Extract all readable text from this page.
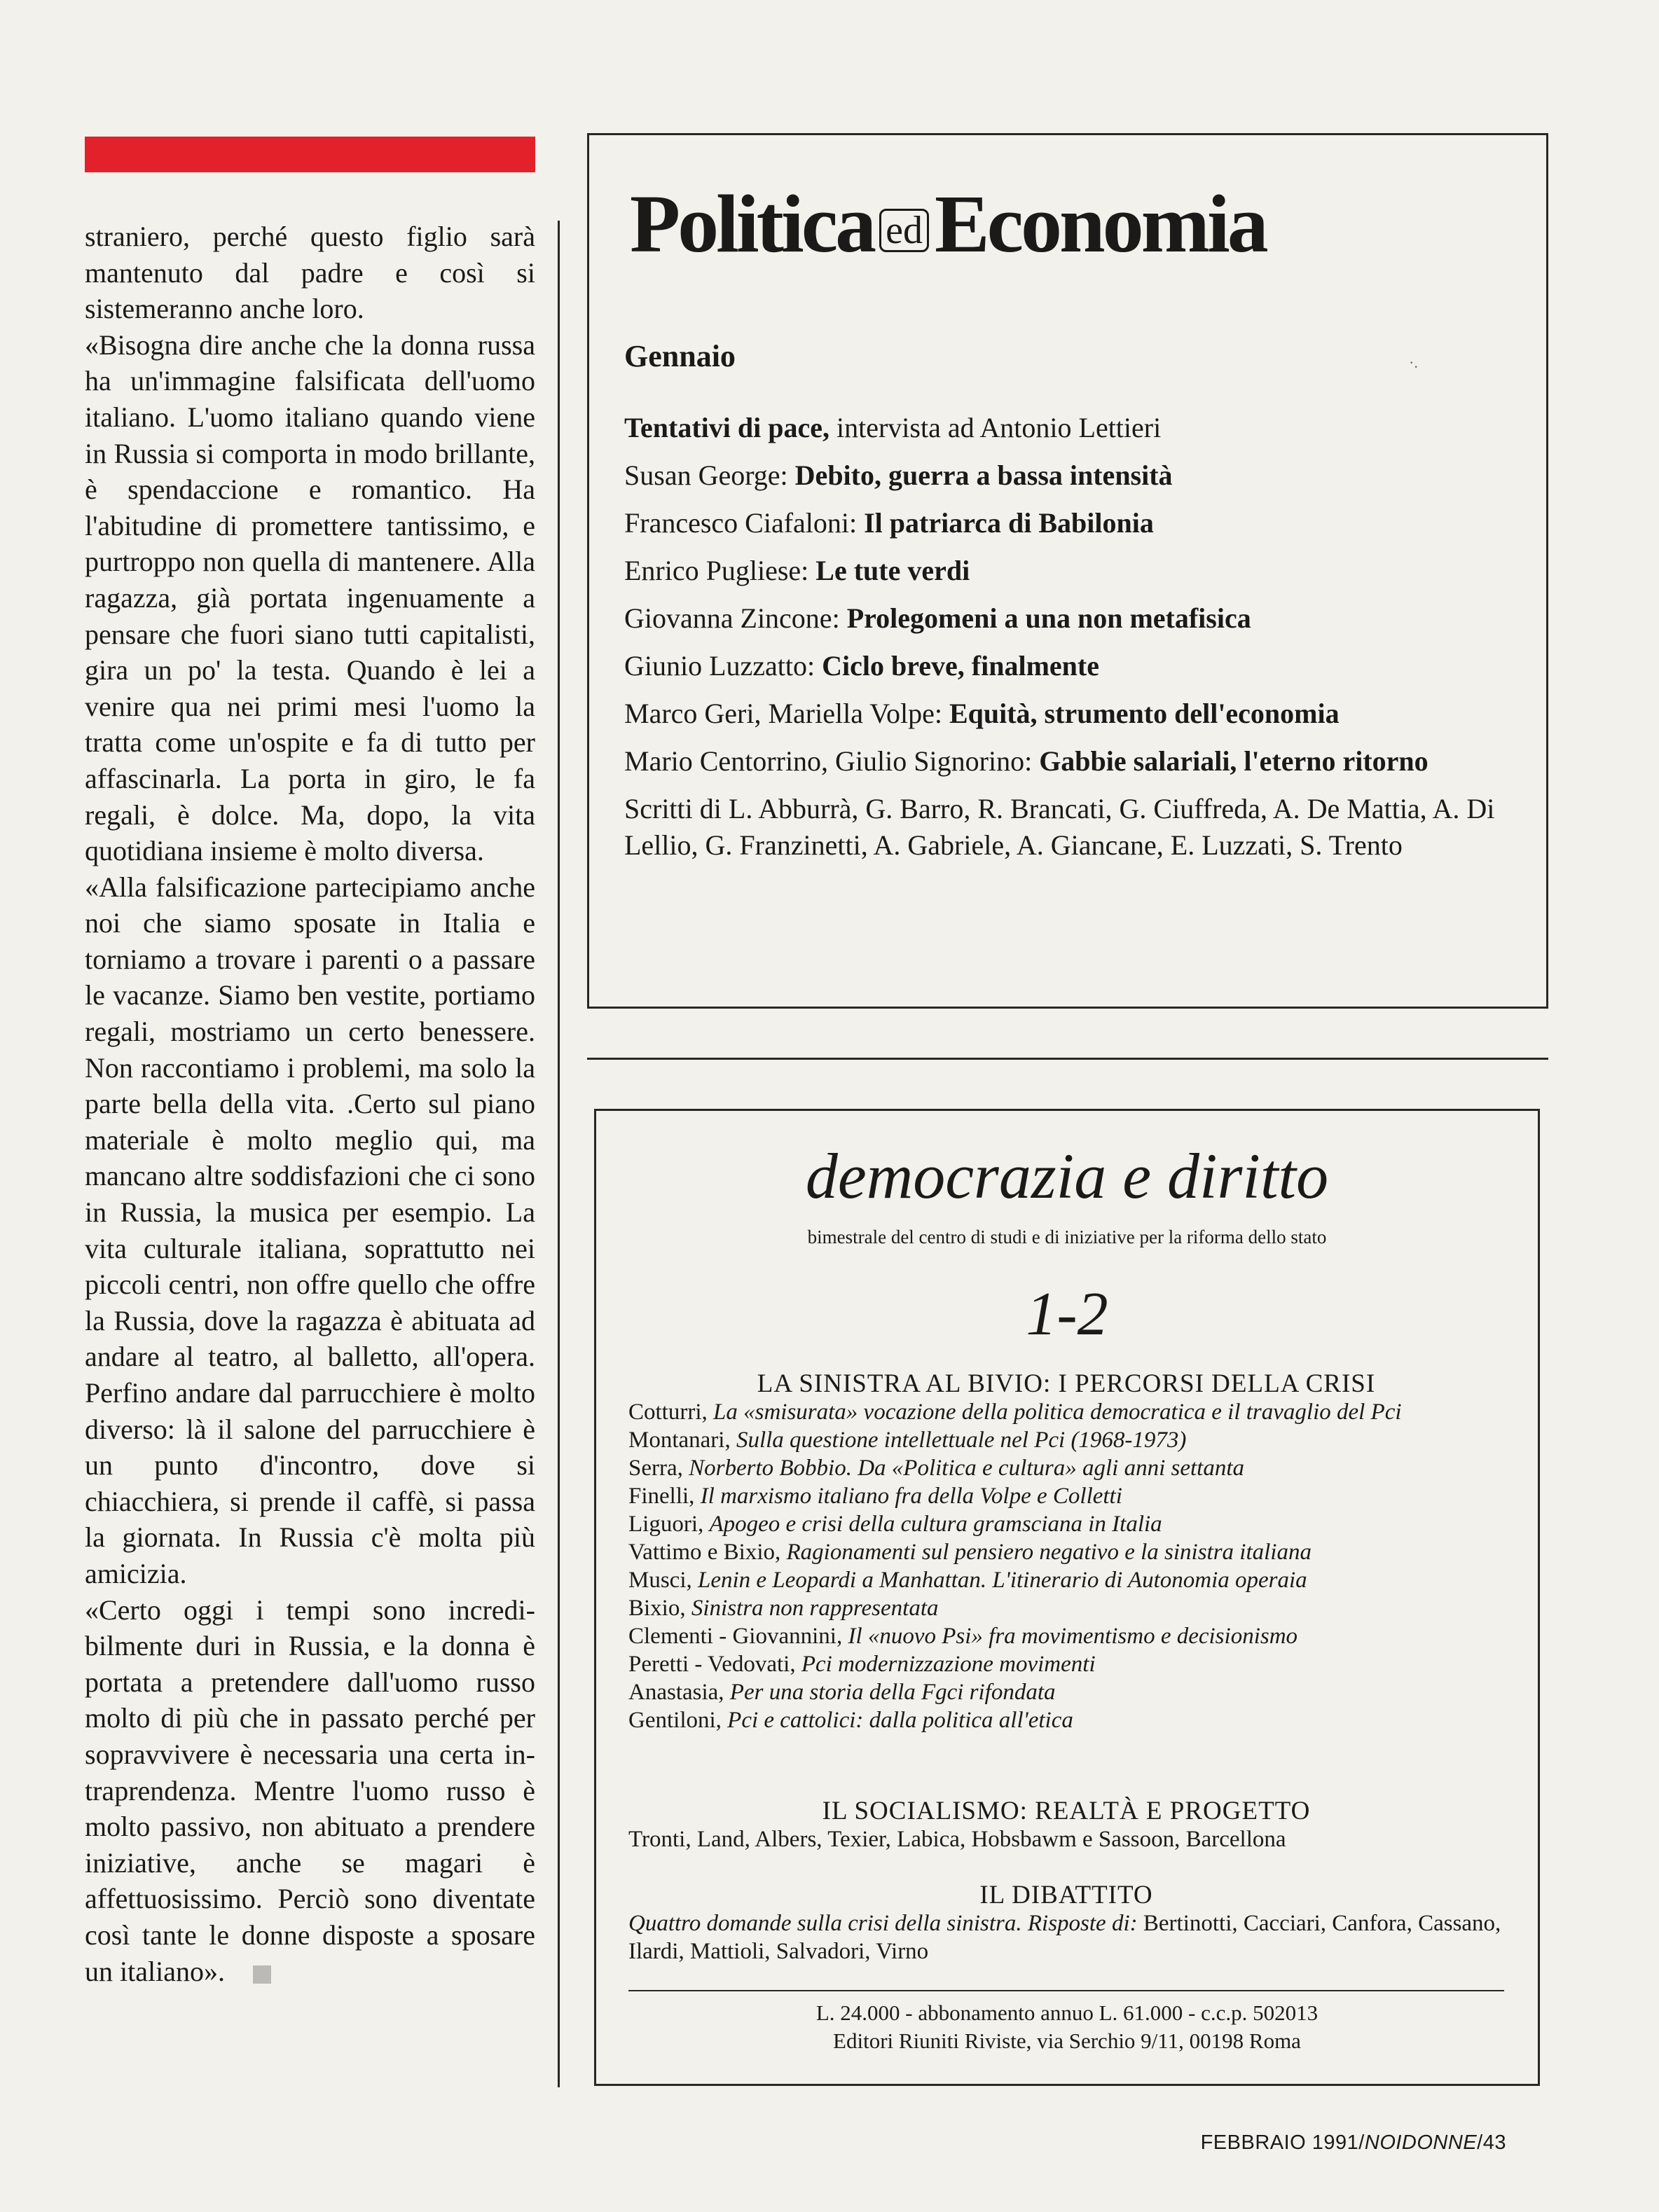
straniero, perché questo figlio sarà mantenuto dal padre e così si sistemeranno anche loro.

«Bisogna dire anche che la donna russa ha un'immagine falsificata dell'uomo italiano. L'uomo italiano quando viene in Russia si comporta in modo brillante, è spendaccione e romantico. Ha l'abitudine di promettere tantissimo, e purtroppo non quella di mantenere. Alla ragazza, già portata ingenuamente a pensare che fuori siano tutti capitalisti, gira un po' la testa. Quando è lei a venire qua nei primi mesi l'uomo la tratta come un'ospite e fa di tutto per affascinarla. La porta in giro, le fa regali, è dolce. Ma, dopo, la vita quotidiana insieme è molto diversa.

«Alla falsificazione partecipiamo anche noi che siamo sposate in Italia e torniamo a trovare i parenti o a passare le vacanze. Siamo ben vestite, portiamo regali, mostriamo un certo benessere. Non raccontiamo i problemi, ma solo la parte bella della vita. .Certo sul piano materiale è molto meglio qui, ma mancano altre soddisfazioni che ci sono in Russia, la musica per esempio. La vita culturale italiana, soprattutto nei piccoli centri, non offre quello che offre la Russia, dove la ragazza è abituata ad andare al teatro, al balletto, all'opera. Perfino andare dal parrucchiere è molto diverso: là il salone del parrucchiere è un punto d'incontro, dove si chiacchiera, si prende il caffè, si passa la giornata. In Russia c'è molta più amicizia.

«Certo oggi i tempi sono incredibilmente duri in Russia, e la donna è portata a pretendere dall'uomo russo molto di più che in passato perché per sopravvivere è necessaria una certa intraprendenza. Mentre l'uomo russo è molto passivo, non abituato a prendere iniziative, anche se magari è affettuosissimo. Perciò sono diventate così tante le donne disposte a sposare un italiano».

Politica ed Economia
Gennaio	·.
Tentativi di pace, intervista ad Antonio Lettieri
Susan George: Debito, guerra a bassa intensità
Francesco Ciafaloni: Il patriarca di Babilonia
Enrico Pugliese: Le tute verdi
Giovanna Zincone: Prolegomeni a una non metafisica
Giunio Luzzatto: Ciclo breve, finalmente
Marco Geri, Mariella Volpe: Equità, strumento dell'economia
Mario Centorrino, Giulio Signorino: Gabbie salariali, l'eterno ritorno
Scritti di L. Abburrà, G. Barro, R. Brancati, G. Ciuffreda, A. De Mattia, A. Di Lellio, G. Franzinetti, A. Gabriele, A. Giancane, E. Luzzati, S. Trento
democrazia e diritto
bimestrale del centro di studi e di iniziative per la riforma dello stato
1-2
LA SINISTRA AL BIVIO: I PERCORSI DELLA CRISI
Cotturri, La «smisurata» vocazione della politica democratica e il travaglio del Pci
Montanari, Sulla questione intellettuale nel Pci (1968-1973)
Serra, Norberto Bobbio. Da «Politica e cultura» agli anni settanta
Finelli, Il marxismo italiano fra della Volpe e Colletti
Liguori, Apogeo e crisi della cultura gramsciana in Italia
Vattimo e Bixio, Ragionamenti sul pensiero negativo e la sinistra italiana
Musci, Lenin e Leopardi a Manhattan. L'itinerario di Autonomia operaia
Bixio, Sinistra non rappresentata
Clementi - Giovannini, Il «nuovo Psi» fra movimentismo e decisionismo
Peretti - Vedovati, Pci modernizzazione movimenti
Anastasia, Per una storia della Fgci rifondata
Gentiloni, Pci e cattolici: dalla politica all'etica
IL SOCIALISMO: REALTÀ E PROGETTO
Tronti, Land, Albers, Texier, Labica, Hobsbawm e Sassoon, Barcellona
IL DIBATTITO
Quattro domande sulla crisi della sinistra. Risposte di: Bertinotti, Cacciari, Canfora, Cassano, Ilardi, Mattioli, Salvadori, Virno
L. 24.000 - abbonamento annuo L. 61.000 - c.c.p. 502013
Editori Riuniti Riviste, via Serchio 9/11, 00198 Roma
FEBBRAIO 1991/NOIDONNE/43
